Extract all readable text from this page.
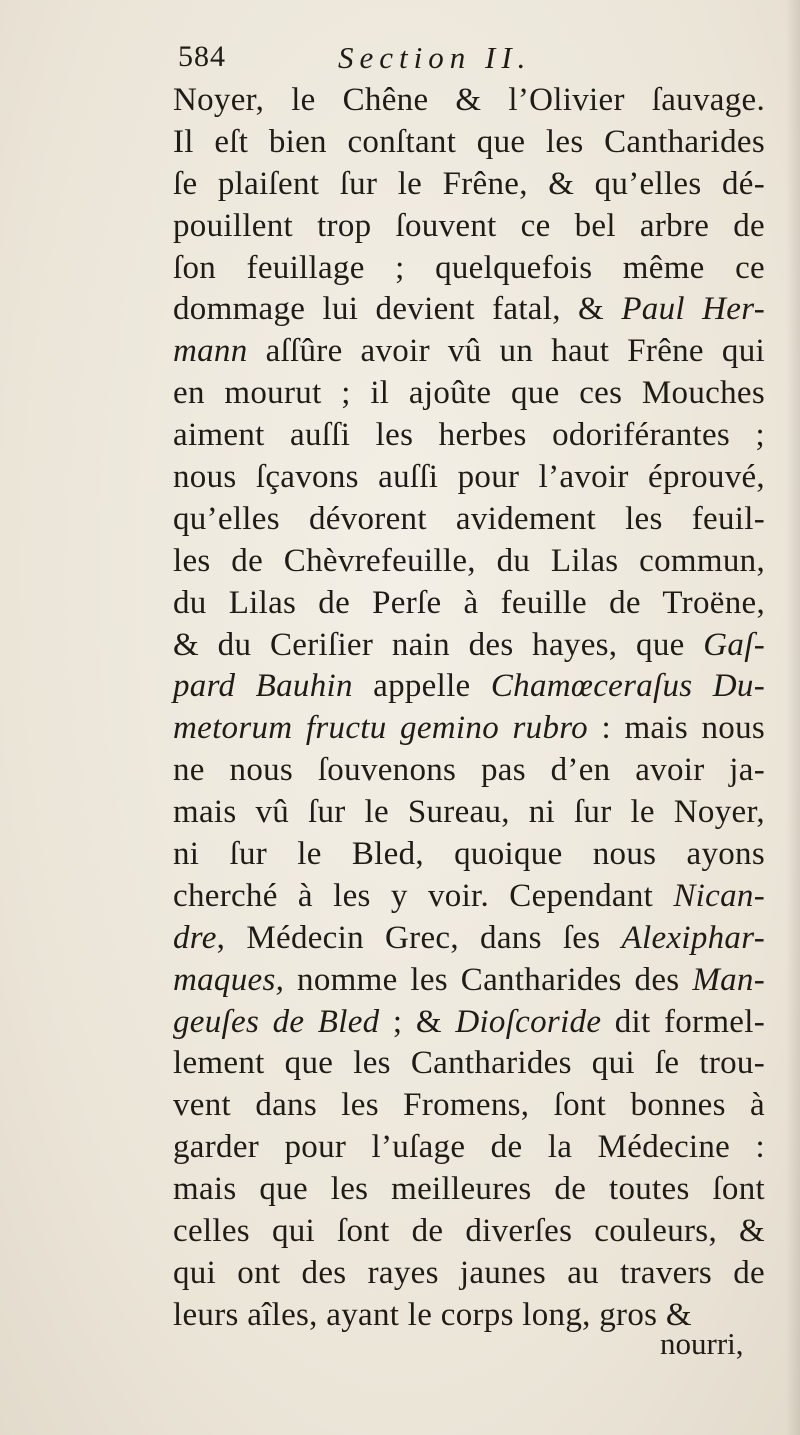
584	Section II.
Noyer, le Chêne & l’Olivier ſauvage.
Il eſt bien conſtant que les Cantharides
ſe plaiſent ſur le Frêne, & qu’elles dé-
pouillent trop ſouvent ce bel arbre de
ſon feuillage ; quelquefois même ce
dommage lui devient fatal, & Paul Her-
mann aſſûre avoir vû un haut Frêne qui
en mourut ; il ajoûte que ces Mouches
aiment auſſi les herbes odoriférantes ;
nous ſçavons auſſi pour l’avoir éprouvé,
qu’elles dévorent avidement les feuil-
les de Chèvrefeuille, du Lilas commun,
du Lilas de Perſe à feuille de Troëne,
& du Ceriſier nain des hayes, que Gaſ-
pard Bauhin appelle Chamœceraſus Du-
metorum fructu gemino rubro : mais nous
ne nous ſouvenons pas d’en avoir ja-
mais vû ſur le Sureau, ni ſur le Noyer,
ni ſur le Bled, quoique nous ayons
cherché à les y voir. Cependant Nican-
dre, Médecin Grec, dans ſes Alexiphar-
maques, nomme les Cantharides des Man-
geuſes de Bled ; & Dioſcoride dit formel-
lement que les Cantharides qui ſe trou-
vent dans les Fromens, ſont bonnes à
garder pour l’uſage de la Médecine :
mais que les meilleures de toutes ſont
celles qui ſont de diverſes couleurs, &
qui ont des rayes jaunes au travers de
leurs aîles, ayant le corps long, gros &
nourri,
